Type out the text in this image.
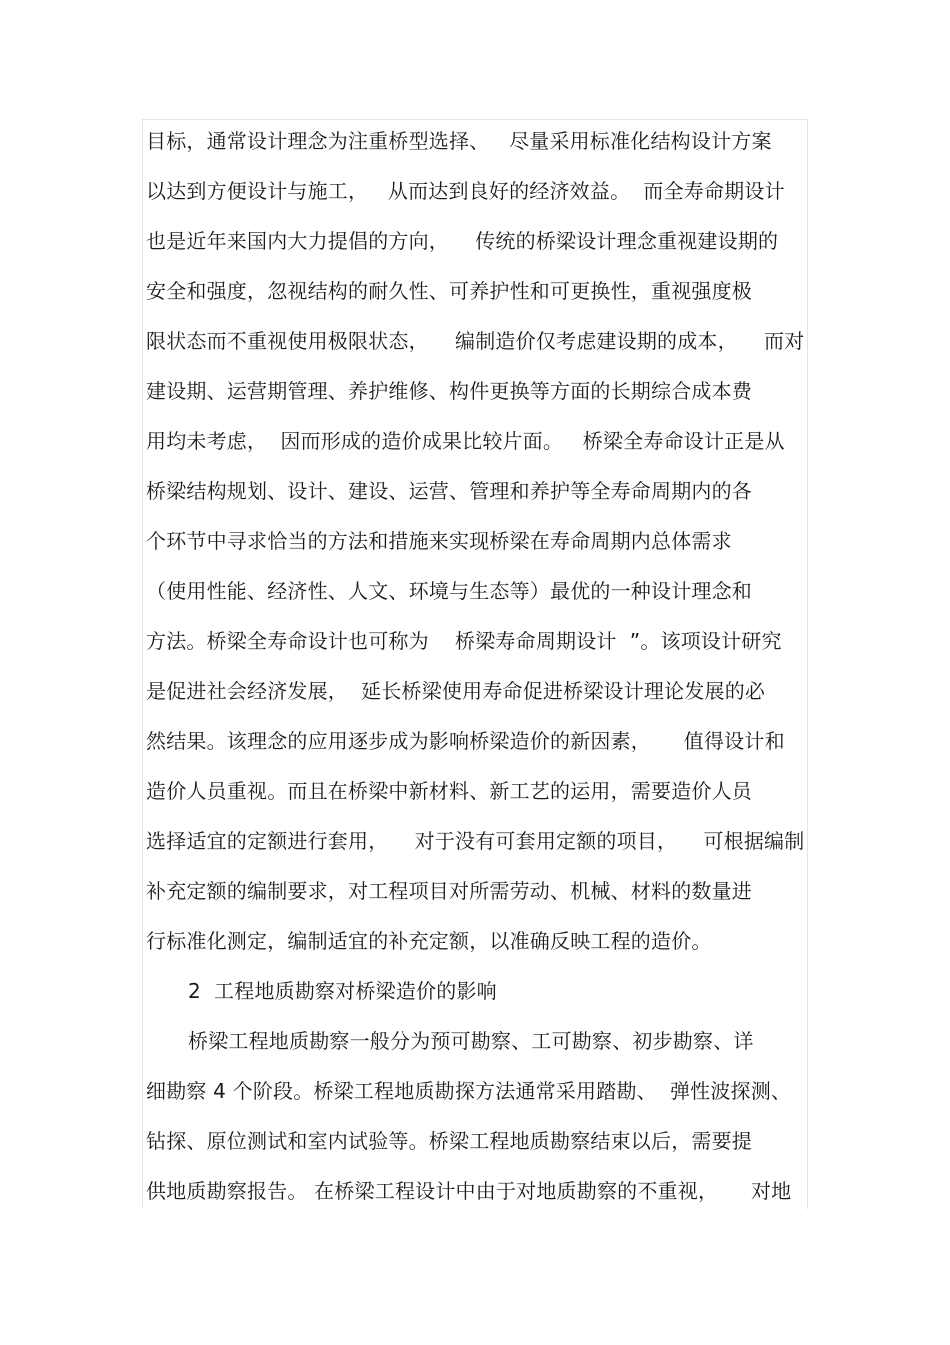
目标，通常设计理念为注重桥型选择、   尽量采用标准化结构设计方案
以达到方便设计与施工，   从而达到良好的经济效益。  而全寿命期设计
也是近年来国内大力提倡的方向，    传统的桥梁设计理念重视建设期的
安全和强度，忽视结构的耐久性、可养护性和可更换性，重视强度极
限状态而不重视使用极限状态，    编制造价仅考虑建设期的成本，    而对
建设期、运营期管理、养护维修、构件更换等方面的长期综合成本费
用均未考虑，  因而形成的造价成果比较片面。   桥梁全寿命设计正是从
桥梁结构规划、设计、建设、运营、管理和养护等全寿命周期内的各
个环节中寻求恰当的方法和措施来实现桥梁在寿命周期内总体需求
（使用性能、经济性、人文、环境与生态等）最优的一种设计理念和
方法。桥梁全寿命设计也可称为    桥梁寿命周期设计  ”。该项设计研究
是促进社会经济发展，  延长桥梁使用寿命促进桥梁设计理论发展的必
然结果。该理念的应用逐步成为影响桥梁造价的新因素，     值得设计和
造价人员重视。而且在桥梁中新材料、新工艺的运用，需要造价人员
选择适宜的定额进行套用，    对于没有可套用定额的项目，    可根据编制
补充定额的编制要求，对工程项目对所需劳动、机械、材料的数量进
行标准化测定，编制适宜的补充定额，以准确反映工程的造价。
2  工程地质勘察对桥梁造价的影响
桥梁工程地质勘察一般分为预可勘察、工可勘察、初步勘察、详
细勘察 4 个阶段。桥梁工程地质勘探方法通常采用踏勘、  弹性波探测、
钻探、原位测试和室内试验等。桥梁工程地质勘察结束以后，需要提
供地质勘察报告。 在桥梁工程设计中由于对地质勘察的不重视，     对地
